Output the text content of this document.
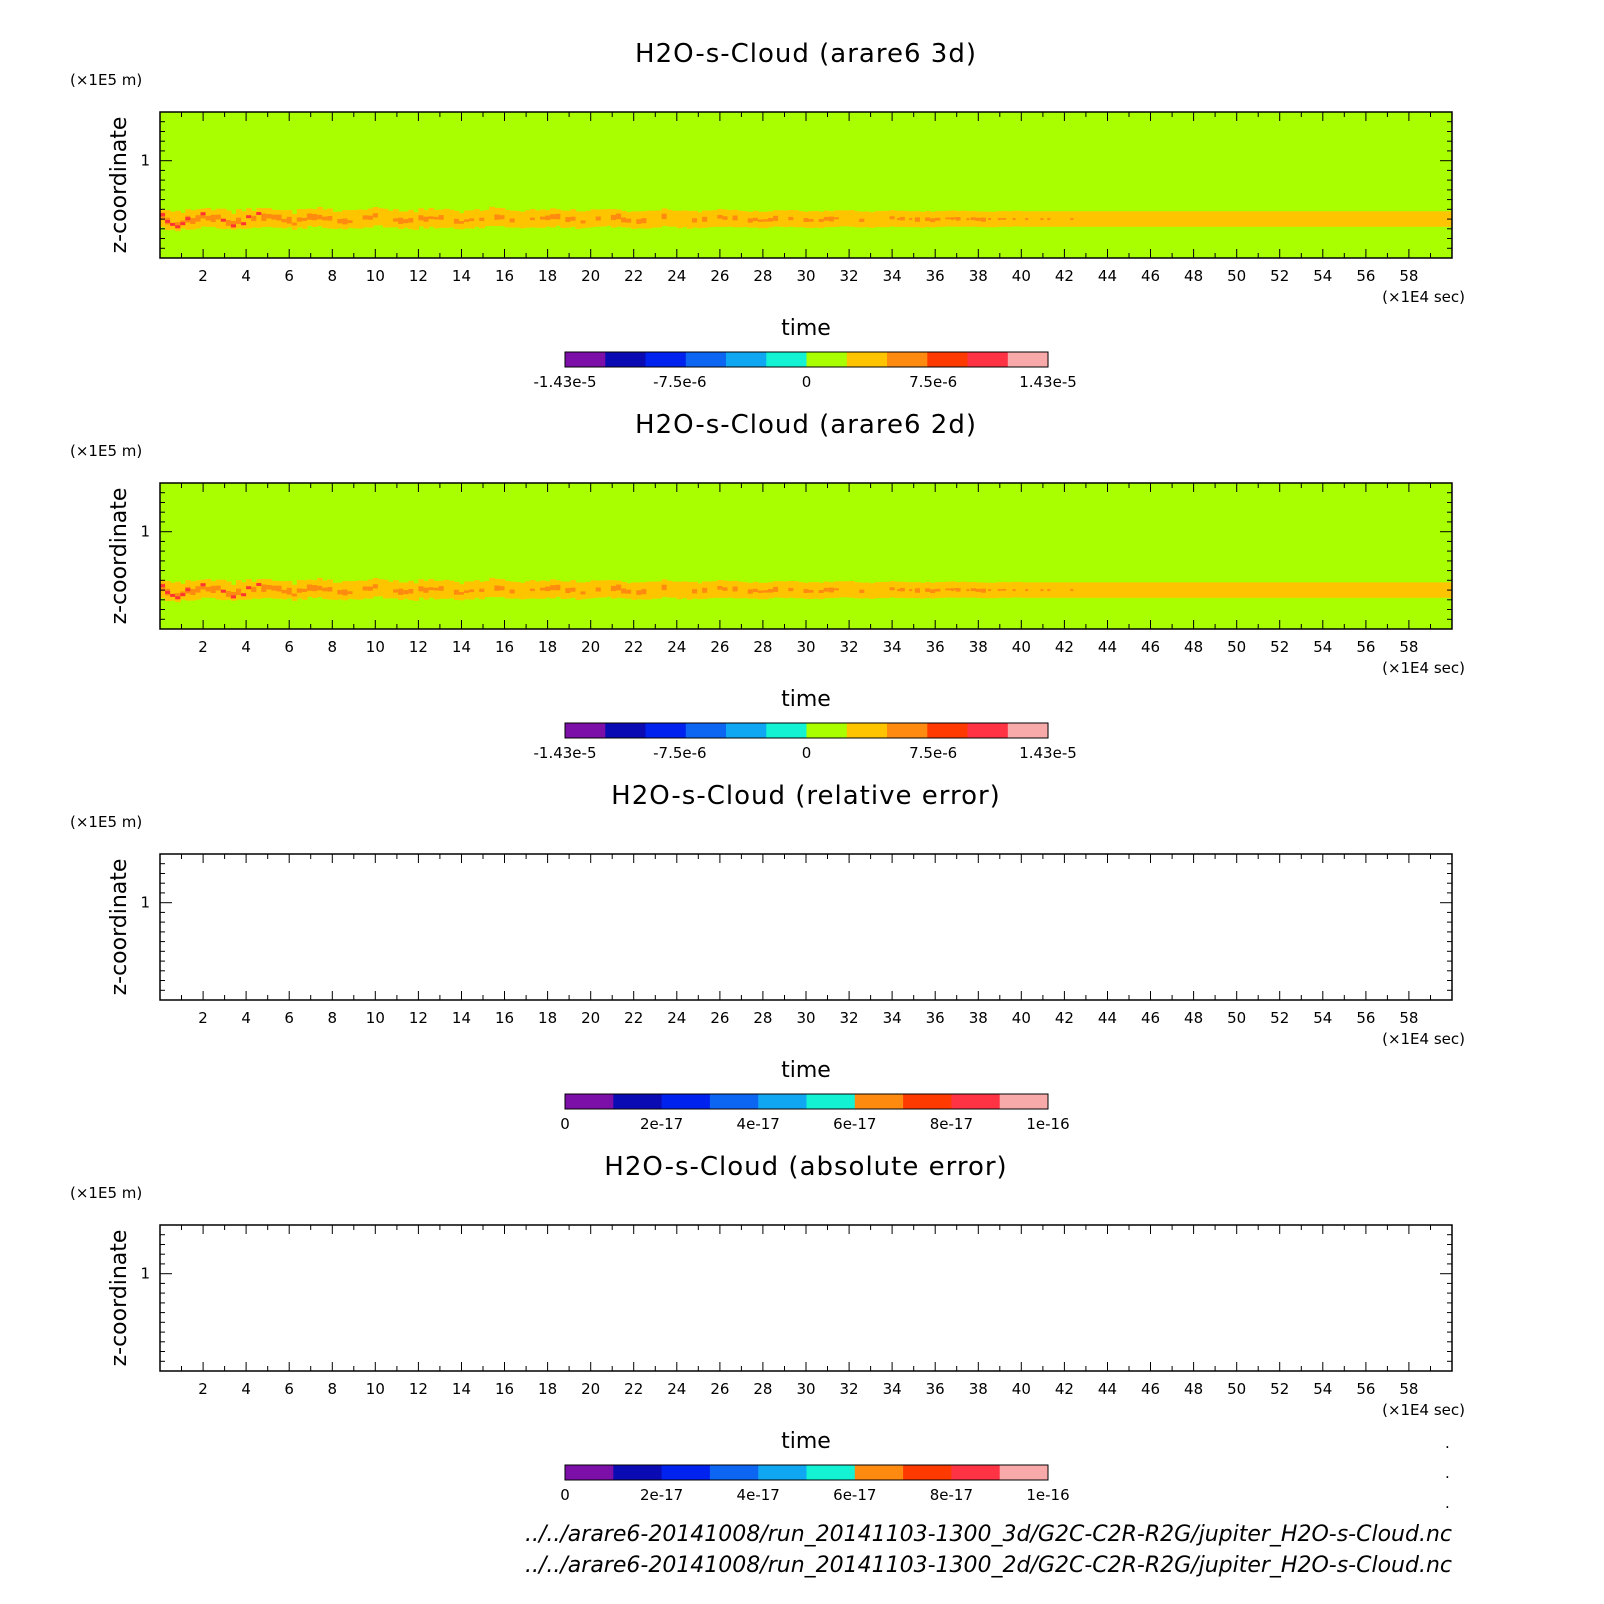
H2O-s-Cloud (arare6 3d)
2 4 6 8 10 12 14 16 18 20 22 24 26 28 30 32 34 36 38 40 42 44 46 48 50 52 54 56 58
(×1E4 sec)
time
1
(×1E5 m)
z-coordinate
-1.43e-5	-7.5e-6	0	7.5e-6	1.43e-5
H2O-s-Cloud (arare6 2d)
2 4 6 8 10 12 14 16 18 20 22 24 26 28 30 32 34 36 38 40 42 44 46 48 50 52 54 56 58
(×1E4 sec)
time
1
(×1E5 m)
z-coordinate
-1.43e-5	-7.5e-6	0	7.5e-6	1.43e-5
H2O-s-Cloud (relative error)
2 4 6 8 10 12 14 16 18 20 22 24 26 28 30 32 34 36 38 40 42 44 46 48 50 52 54 56 58
(×1E4 sec)
time
1
(×1E5 m)
z-coordinate
0	2e-17	4e-17	6e-17	8e-17	1e-16
H2O-s-Cloud (absolute error)
2 4 6 8 10 12 14 16 18 20 22 24 26 28 30 32 34 36 38 40 42 44 46 48 50 52 54 56 58
(×1E4 sec)
time
1
(×1E5 m)
z-coordinate
0	2e-17	4e-17	6e-17	8e-17	1e-16
../../arare6-20141008/run_20141103-1300_3d/G2C-C2R-R2G/jupiter_H2O-s-Cloud.nc
../../arare6-20141008/run_20141103-1300_2d/G2C-C2R-R2G/jupiter_H2O-s-Cloud.nc
.
.
.
